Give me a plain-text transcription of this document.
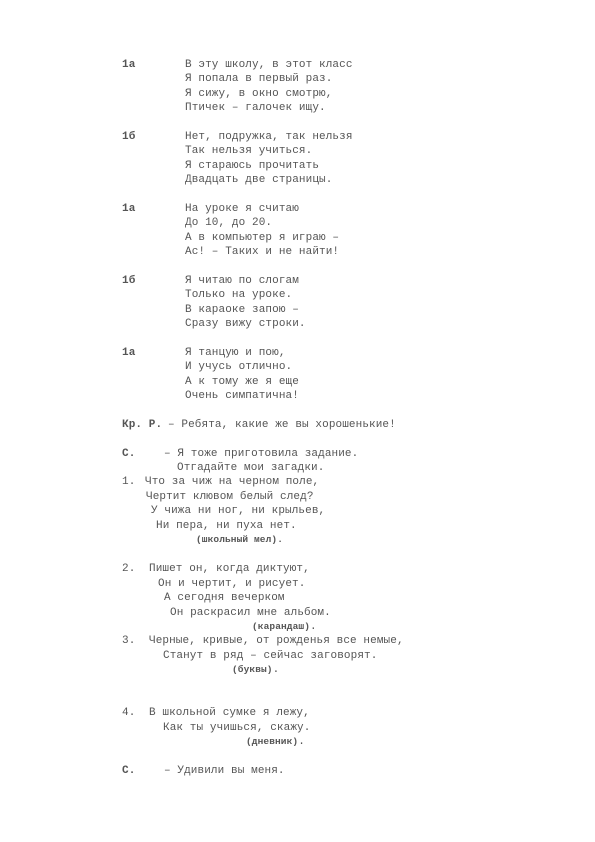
1а	В эту школу, в этот класс
Я попала в первый раз.
Я сижу, в окно смотрю,
Птичек – галочек ищу.
1б	Нет, подружка, так нельзя
Так нельзя учиться.
Я стараюсь прочитать
Двадцать две страницы.
1а	На уроке я считаю
До 10, до 20.
А в компьютер я играю –
Ас! – Таких и не найти!
1б	Я читаю по слогам
Только на уроке.
В караоке запою –
Сразу вижу строки.
1а	Я танцую и пою,
И учусь отлично.
А к тому же я еще
Очень симпатична!
Кр. Р. – Ребята, какие же вы хорошенькие!
С.	– Я тоже приготовила задание.
Отгадайте мои загадки.
1. Что за чиж на черном поле,
Чертит клювом белый след?
У чижа ни ног, ни крыльев,
Ни пера, ни пуха нет.
(школьный мел).
2. Пишет он, когда диктуют,
Он и чертит, и рисует.
А сегодня вечерком
Он раскрасил мне альбом.
(карандаш).
3. Черные, кривые, от рожденья все немые,
Станут в ряд – сейчас заговорят.
(буквы).
4. В школьной сумке я лежу,
Как ты учишься, скажу.
(дневник).
С.	– Удивили вы меня.
